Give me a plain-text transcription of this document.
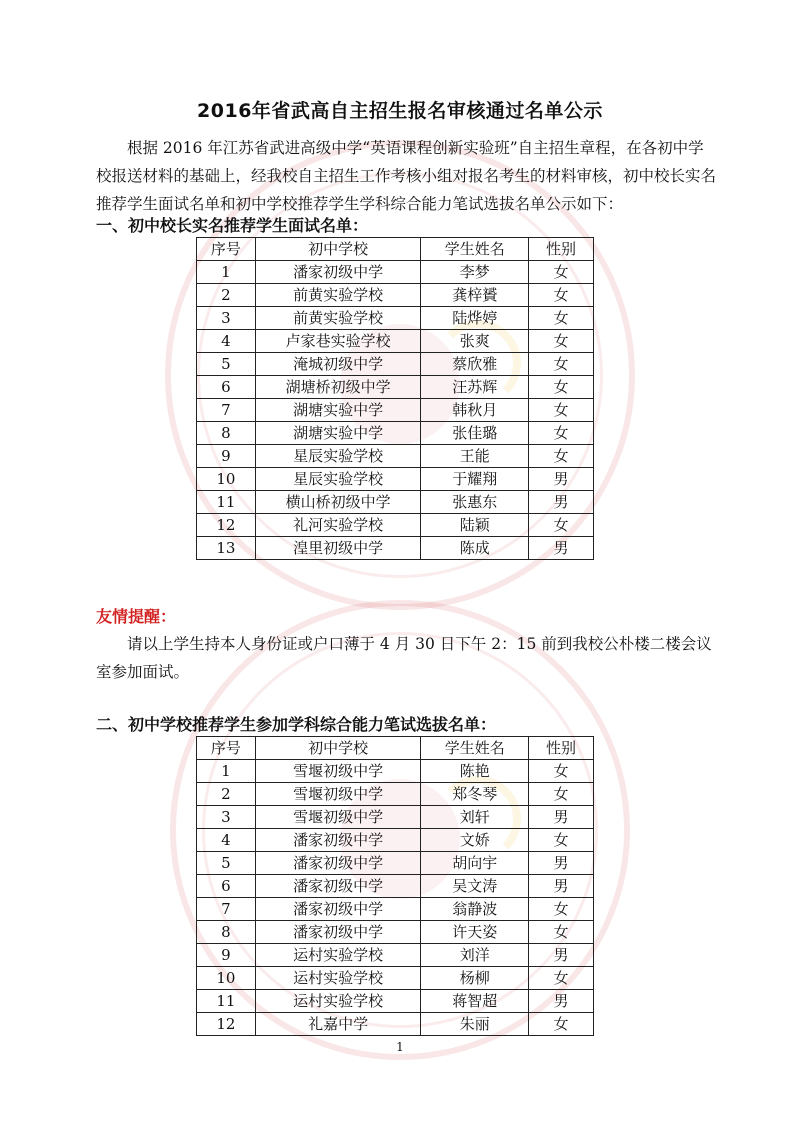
2016年省武高自主招生报名审核通过名单公示
根据 2016 年江苏省武进高级中学“英语课程创新实验班”自主招生章程，在各初中学校报送材料的基础上，经我校自主招生工作考核小组对报名考生的材料审核，初中校长实名推荐学生面试名单和初中学校推荐学生学科综合能力笔试选拔名单公示如下：
一、初中校长实名推荐学生面试名单：
序号	初中学校	学生姓名	性别
1	潘家初级中学	李梦	女
2	前黄实验学校	龚梓贇	女
3	前黄实验学校	陆烨婷	女
4	卢家巷实验学校	张爽	女
5	淹城初级中学	蔡欣雅	女
6	湖塘桥初级中学	汪苏辉	女
7	湖塘实验中学	韩秋月	女
8	湖塘实验中学	张佳璐	女
9	星辰实验学校	王能	女
10	星辰实验学校	于耀翔	男
11	横山桥初级中学	张惠东	男
12	礼河实验学校	陆颖	女
13	湟里初级中学	陈成	男
友情提醒：
请以上学生持本人身份证或户口薄于 4 月 30 日下午 2：15 前到我校公朴楼二楼会议室参加面试。
二、初中学校推荐学生参加学科综合能力笔试选拔名单：
序号	初中学校	学生姓名	性别
1	雪堰初级中学	陈艳	女
2	雪堰初级中学	郑冬琴	女
3	雪堰初级中学	刘轩	男
4	潘家初级中学	文娇	女
5	潘家初级中学	胡向宇	男
6	潘家初级中学	吴文涛	男
7	潘家初级中学	翁静波	女
8	潘家初级中学	许天姿	女
9	运村实验学校	刘洋	男
10	运村实验学校	杨柳	女
11	运村实验学校	蒋智超	男
12	礼嘉中学	朱丽	女
1
